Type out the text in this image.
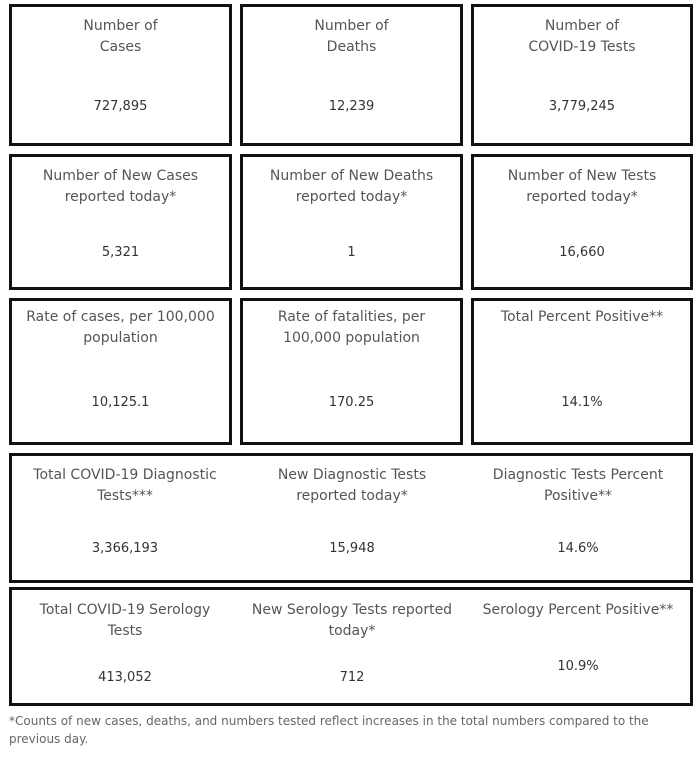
Number of
Cases
727,895
Number of
Deaths
12,239
Number of
COVID-19 Tests
3,779,245
Number of New Cases
reported today*
5,321
Number of New Deaths
reported today*
1
Number of New Tests
reported today*
16,660
Rate of cases, per 100,000
population
10,125.1
Rate of fatalities, per
100,000 population
170.25
Total Percent Positive**
14.1%
Total COVID-19 Diagnostic
Tests***
3,366,193
New Diagnostic Tests
reported today*
15,948
Diagnostic Tests Percent
Positive**
14.6%
Total COVID-19 Serology
Tests
413,052
New Serology Tests reported
today*
712
Serology Percent Positive**
10.9%
*Counts of new cases, deaths, and numbers tested reflect increases in the total numbers compared to the previous day.
